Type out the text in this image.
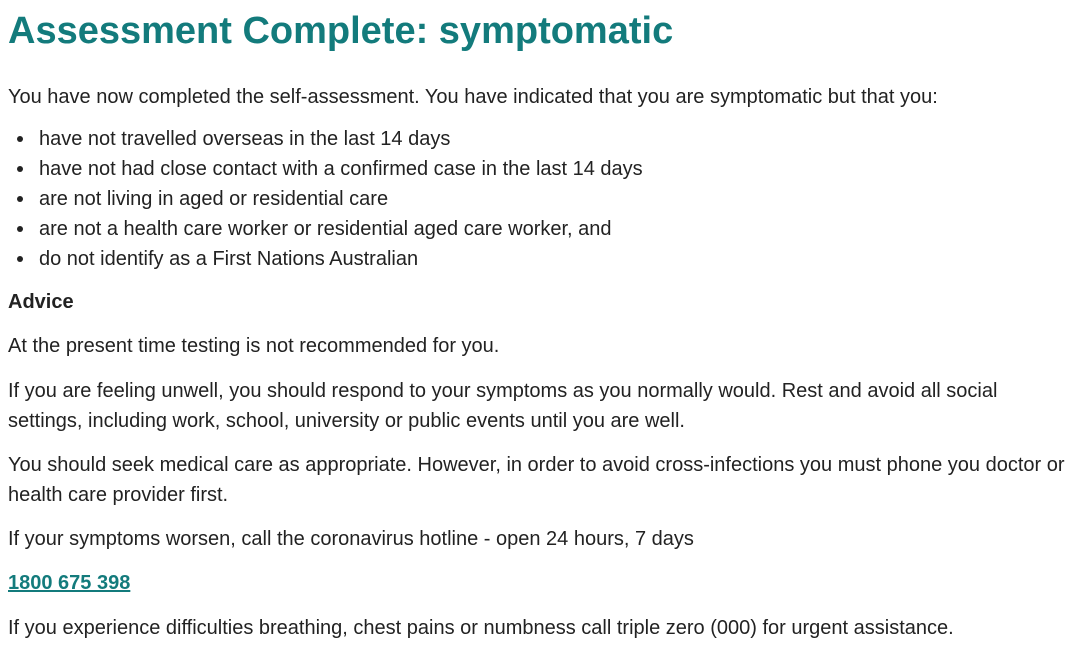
Assessment Complete: symptomatic

You have now completed the self-assessment. You have indicated that you are symptomatic but that you:

have not travelled overseas in the last 14 days
have not had close contact with a confirmed case in the last 14 days
are not living in aged or residential care
are not a health care worker or residential aged care worker, and
do not identify as a First Nations Australian
Advice

At the present time testing is not recommended for you.

If you are feeling unwell, you should respond to your symptoms as you normally would. Rest and avoid all social settings, including work, school, university or public events until you are well.

You should seek medical care as appropriate. However, in order to avoid cross-infections you must phone you doctor or health care provider first.

If your symptoms worsen, call the coronavirus hotline - open 24 hours, 7 days

1800 675 398

If you experience difficulties breathing, chest pains or numbness call triple zero (000) for urgent assistance.
